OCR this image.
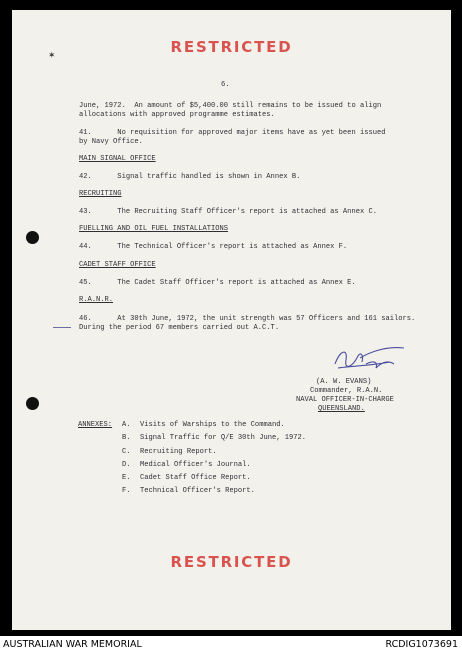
RESTRICTED
✶
6.
June, 1972.  An amount of $5,400.00 still remains to be issued to align
allocations with approved programme estimates.
41.      No requisition for approved major items have as yet been issued
by Navy Office.
MAIN SIGNAL OFFICE
42.      Signal traffic handled is shown in Annex B.
RECRUITING
43.      The Recruiting Staff Officer's report is attached as Annex C.
FUELLING AND OIL FUEL INSTALLATIONS
44.      The Technical Officer's report is attached as Annex F.
CADET STAFF OFFICE
45.      The Cadet Staff Officer's report is attached as Annex E.
R.A.N.R.
46.      At 30th June, 1972, the unit strength was 57 Officers and 161 sailors.
During the period 67 members carried out A.C.T.
(A. W. EVANS)
Commander, R.A.N.
NAVAL OFFICER-IN-CHARGE
QUEENSLAND.
ANNEXES: A. Visits of Warships to the Command.
B. Signal Traffic for Q/E 30th June, 1972.
C. Recruiting Report.
D. Medical Officer's Journal.
E. Cadet Staff Office Report.
F. Technical Officer's Report.
RESTRICTED
AUSTRALIAN WAR MEMORIAL	RCDIG1073691
